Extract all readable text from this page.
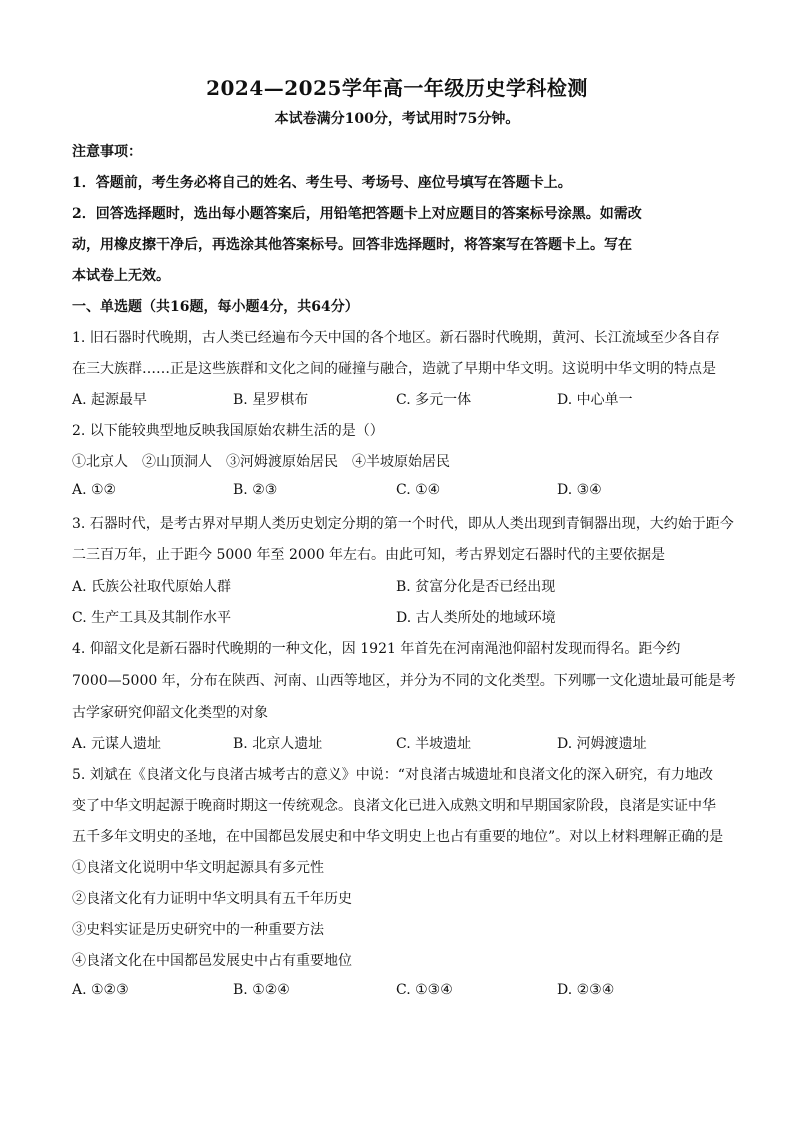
2024—2025学年高一年级历史学科检测
本试卷满分100分，考试用时75分钟。
注意事项：
1．答题前，考生务必将自己的姓名、考生号、考场号、座位号填写在答题卡上。
2．回答选择题时，选出每小题答案后，用铅笔把答题卡上对应题目的答案标号涂黑。如需改
动，用橡皮擦干净后，再选涂其他答案标号。回答非选择题时，将答案写在答题卡上。写在
本试卷上无效。
一、单选题（共16题，每小题4分，共64分）
1. 旧石器时代晚期，古人类已经遍布今天中国的各个地区。新石器时代晚期，黄河、长江流域至少各自存
在三大族群……正是这些族群和文化之间的碰撞与融合，造就了早期中华文明。这说明中华文明的特点是
A. 起源最早	B. 星罗棋布	C. 多元一体	D. 中心单一
2. 以下能较典型地反映我国原始农耕生活的是（）
①北京人　②山顶洞人　③河姆渡原始居民　④半坡原始居民
A. ①②	B. ②③	C. ①④	D. ③④
3. 石器时代，是考古界对早期人类历史划定分期的第一个时代，即从人类出现到青铜器出现，大约始于距今
二三百万年，止于距今 5000 年至 2000 年左右。由此可知，考古界划定石器时代的主要依据是
A. 氏族公社取代原始人群	B. 贫富分化是否已经出现
C. 生产工具及其制作水平	D. 古人类所处的地域环境
4. 仰韶文化是新石器时代晚期的一种文化，因 1921 年首先在河南渑池仰韶村发现而得名。距今约
7000—5000 年，分布在陕西、河南、山西等地区，并分为不同的文化类型。下列哪一文化遗址最可能是考
古学家研究仰韶文化类型的对象
A. 元谋人遗址	B. 北京人遗址	C. 半坡遗址	D. 河姆渡遗址
5. 刘斌在《良渚文化与良渚古城考古的意义》中说：“对良渚古城遗址和良渚文化的深入研究，有力地改
变了中华文明起源于晚商时期这一传统观念。良渚文化已进入成熟文明和早期国家阶段，良渚是实证中华
五千多年文明史的圣地，在中国都邑发展史和中华文明史上也占有重要的地位”。对以上材料理解正确的是
①良渚文化说明中华文明起源具有多元性
②良渚文化有力证明中华文明具有五千年历史
③史料实证是历史研究中的一种重要方法
④良渚文化在中国都邑发展史中占有重要地位
A. ①②③	B. ①②④	C. ①③④	D. ②③④
